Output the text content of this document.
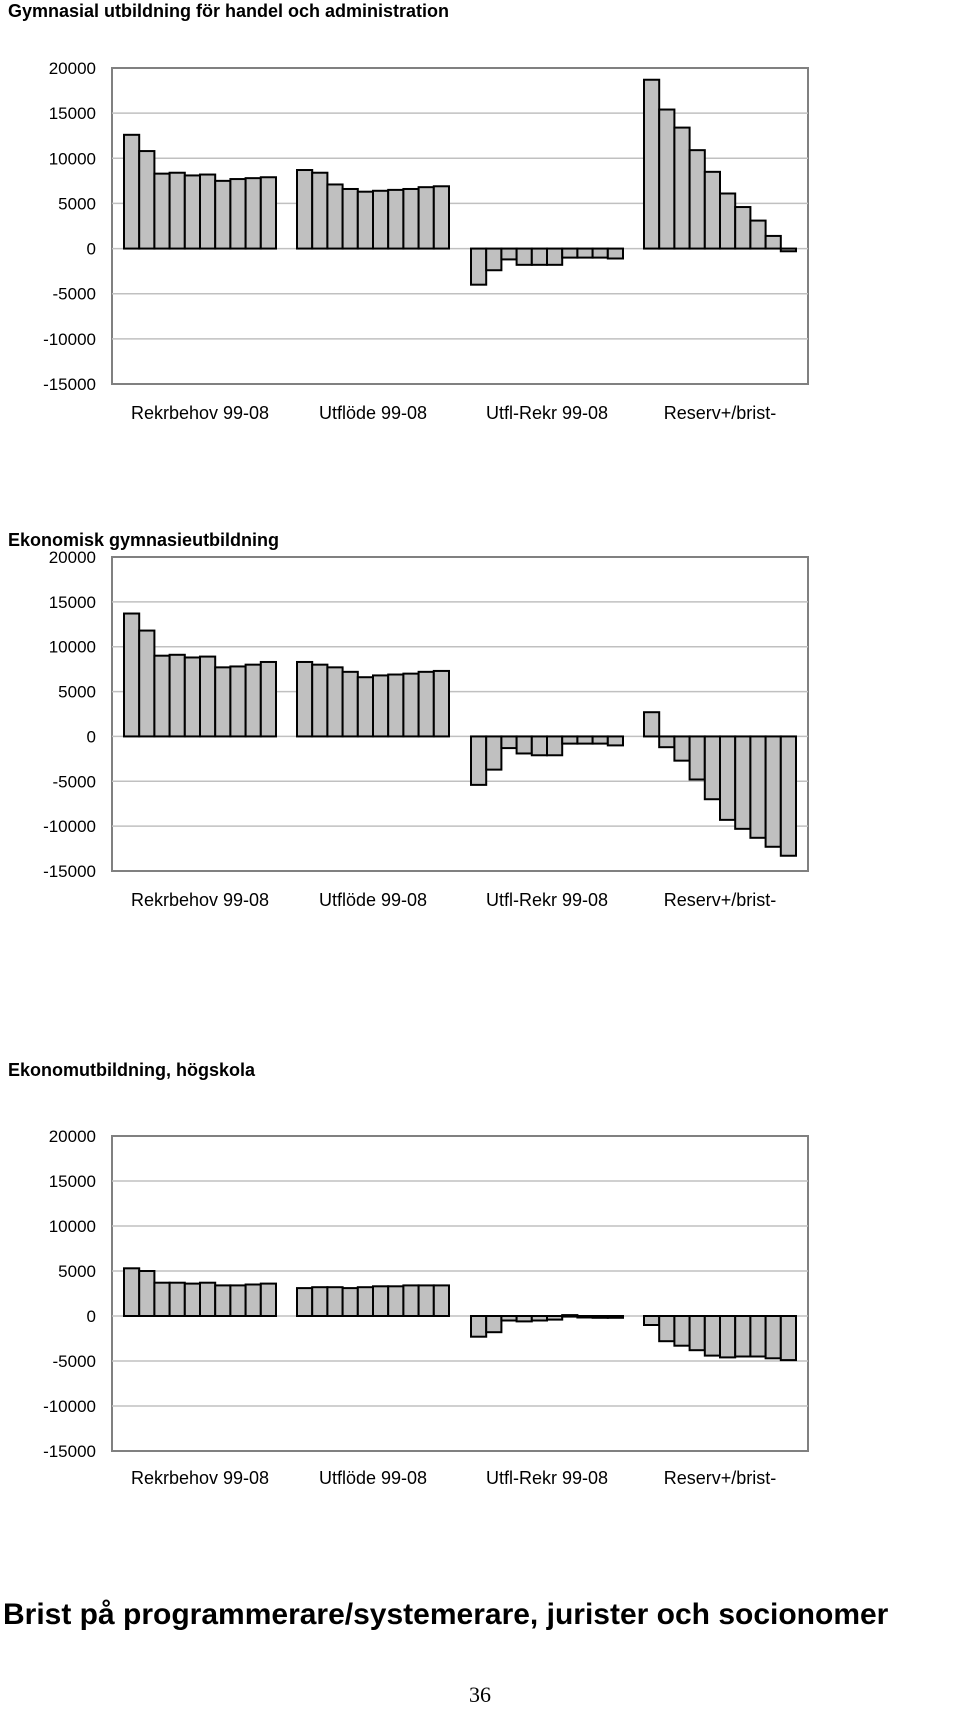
Gymnasial utbildning för handel och administration
20000
15000
10000
5000
0
-5000
-10000
-15000
Rekrbehov 99-08	Utflöde 99-08	Utfl-Rekr 99-08	Reserv+/brist-
Ekonomisk gymnasieutbildning
20000
15000
10000
5000
0
-5000
-10000
-15000
Rekrbehov 99-08	Utflöde 99-08	Utfl-Rekr 99-08	Reserv+/brist-
Ekonomutbildning, högskola
20000
15000
10000
5000
0
-5000
-10000
-15000
Rekrbehov 99-08	Utflöde 99-08	Utfl-Rekr 99-08	Reserv+/brist-
Brist på programmerare/systemerare, jurister och socionomer
36
